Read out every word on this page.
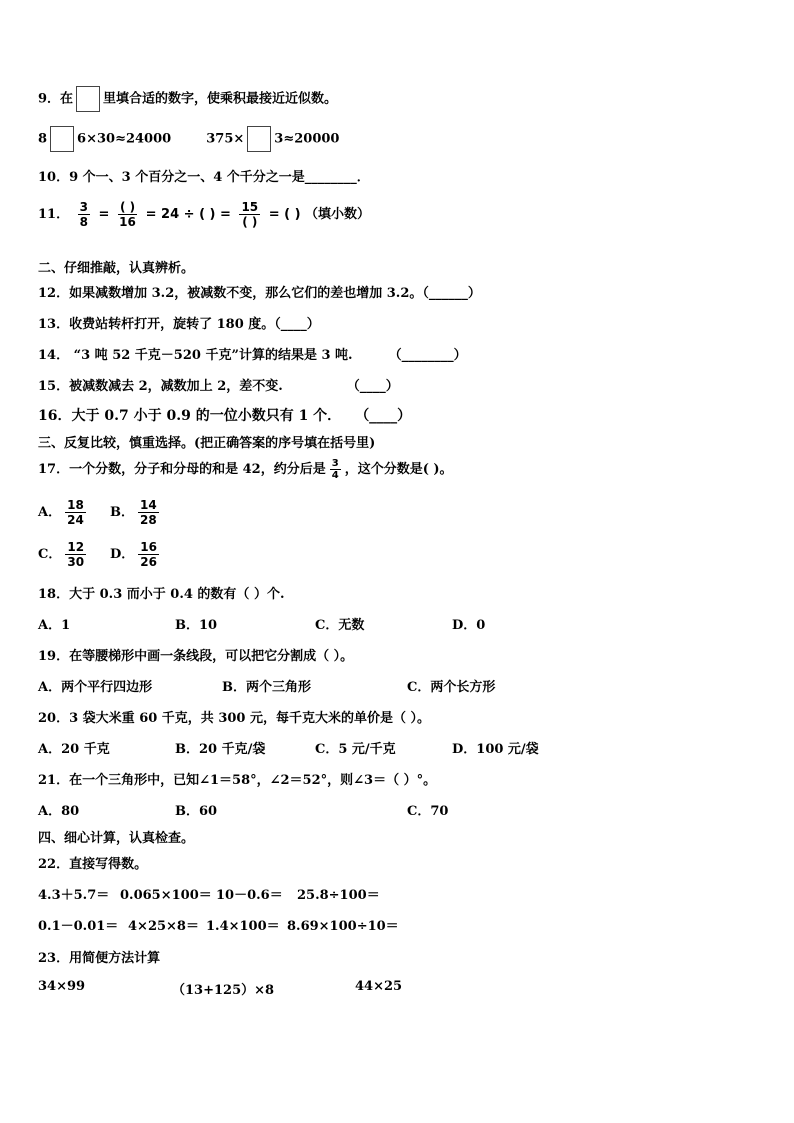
9．在 里填合适的数字，使乘积最接近近似数。
8 6×30≈24000	375× 3≈20000
10．9 个一、3 个百分之一、4 个千分之一是________．
11． $\frac{3}{8} = \frac{( )}{16} = 24$ ÷ ( ) = $\frac{15}{( )}$ = ( ) （填小数）
二、仔细推敲，认真辨析。
12．如果减数增加 3.2，被减数不变，那么它们的差也增加 3.2。（______）
13．收费站转杆打开，旋转了 180 度。（____）
14． “3 吨 52 千克－520 千克”计算的结果是 3 吨.	（________）
15．被减数减去 2，减数加上 2，差不变.	（____）
16．大于 0.7 小于 0.9 的一位小数只有 1 个． （____）
三、反复比较，慎重选择。(把正确答案的序号填在括号里)
17．一个分数，分子和分母的和是 42，约分后是 $\frac{3}{4}$ ，这个分数是( )。
A． $\frac{18}{24}$ B． $\frac{14}{28}$
C． $\frac{12}{30}$ D． $\frac{16}{26}$
18．大于 0.3 而小于 0.4 的数有（ ）个.
A．1	B．10	C．无数	D．0
19．在等腰梯形中画一条线段，可以把它分割成（ ）。
A．两个平行四边形	B．两个三角形	C．两个长方形
20．3 袋大米重 60 千克，共 300 元，每千克大米的单价是（ ）。
A．20 千克	B．20 千克/袋	C．5 元/千克	D．100 元/袋
21．在一个三角形中，已知∠1＝58°，∠2＝52°，则∠3＝（ ）°。
A．80	B．60	C．70
四、细心计算，认真检查。
22．直接写得数。
4.3＋5.7＝ 0.065×100＝ 10－0.6＝ 25.8÷100＝
0.1－0.01＝ 4×25×8＝ 1.4×100＝ 8.69×100÷10＝
23．用简便方法计算
34×99	（13+125）×8	44×25
